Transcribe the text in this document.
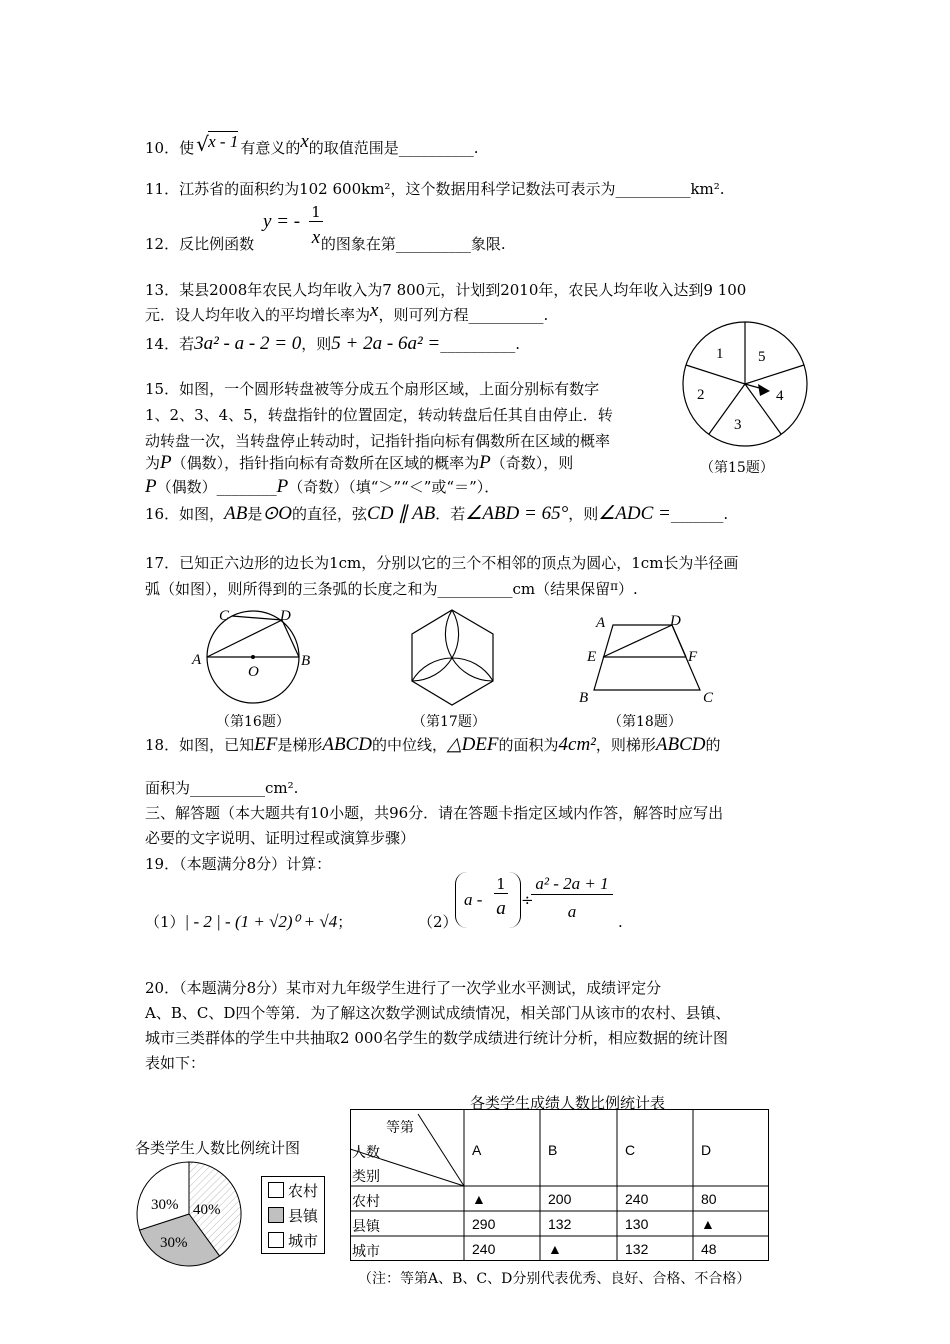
10．使 √ x - 1 有意义的x的取值范围是__________.
11．江苏省的面积约为102 600km²，这个数据用科学记数法可表示为__________km².
12．反比例函数
y = - 1
x 的图象在第__________象限.
13．某县2008年农民人均年收入为7 800元，计划到2010年，农民人均年收入达到9 100
元．设人均年收入的平均增长率为x，则可列方程__________.
14．若3a² - a - 2 = 0，则5 + 2a - 6a² =__________.
15．如图，一个圆形转盘被等分成五个扇形区域，上面分别标有数字
1、2、3、4、5，转盘指针的位置固定，转动转盘后任其自由停止．转
动转盘一次，当转盘停止转动时，记指针指向标有偶数所在区域的概率
为P（偶数），指针指向标有奇数所在区域的概率为P（奇数），则
P（偶数）________P（奇数）（填“＞”“＜”或“＝”）．
1 5
2	4
3
（第15题）
16．如图，AB是⊙O的直径，弦CD ∥ AB．若∠ABD = 65°，则∠ADC =_______.
17．已知正六边形的边长为1cm，分别以它的三个不相邻的顶点为圆心，1cm长为半径画
弧（如图），则所得到的三条弧的长度之和为__________cm（结果保留$^\pi$）.
C	D
A	B
O
（第16题）	（第17题）
A	D
E	F
B	C
（第18题）
18．如图，已知EF是梯形ABCD的中位线，△DEF的面积为4cm²，则梯形ABCD的
面积为__________cm².
三、解答题（本大题共有10小题，共96分．请在答题卡指定区域内作答，解答时应写出
必要的文字说明、证明过程或演算步骤）
19．（本题满分8分）计算：
（1）| - 2 | - (1 + √2)⁰ + √4；	（2）
a -
1
a ÷
a² - 2a + 1
a
.
20．（本题满分8分）某市对九年级学生进行了一次学业水平测试，成绩评定分
A、B、C、D四个等第．为了解这次数学测试成绩情况，相关部门从该市的农村、县镇、
城市三类群体的学生中共抽取2 000名学生的数学成绩进行统计分析，相应数据的统计图
表如下：
各类学生人数比例统计图
30% 40%
30%
农村
县镇
城市
各类学生成绩人数比例统计表
等第
人数
类别
A	B	C	D
农村	▲	200	240	80
县镇	290	132	130	▲
城市	240	▲	132	48
（注：等第A、B、C、D分别代表优秀、良好、合格、不合格）
